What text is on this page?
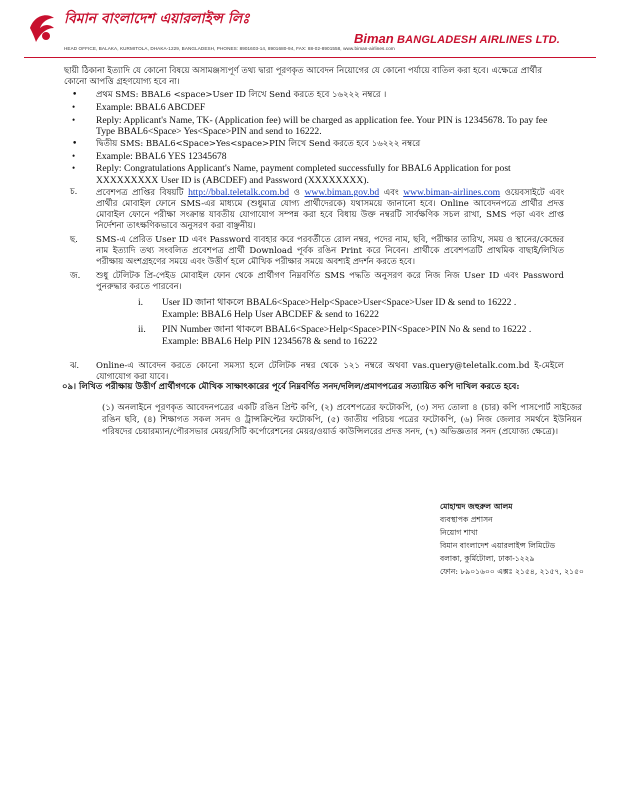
বিমান বাংলাদেশ এয়ারলাইন্স লিঃ
Biman BANGLADESH AIRLINES LTD.
HEAD OFFICE, BALAKA, KURMITOLA, DHAKA-1229, BANGLADESH, PHONES: 8901603-14, 8901680-94, FAX: 88-02-8901558, www.biman-airlines.com
ছায়ী ঠিকানা ইত্যাদি যে কোনো বিষয়ে অসামঞ্জস্যপূর্ণ তথ্য দ্বারা পূরণকৃত আবেদন নিয়োগের যে কোনো পর্যায়ে বাতিল করা হবে। এক্ষেত্রে প্রার্থীর কোনো আপত্তি গ্রহণযোগ্য হবে না।
• প্রথম SMS: BBAL6 <space>User ID লিখে Send করতে হবে ১৬২২২ নম্বরে ।
• Example: BBAL6 ABCDEF
• Reply: Applicant's Name, TK- (Application fee) will be charged as application fee. Your PIN is 12345678. To pay fee Type BBAL6<Space> Yes<Space>PIN and send to 16222.
• দ্বিতীয় SMS: BBAL6<Space>Yes<space>PIN লিখে Send করতে হবে ১৬২২২ নম্বরে
• Example: BBAL6 YES 12345678
• Reply: Congratulations Applicant's Name, payment completed successfully for BBAL6 Application for post XXXXXXXXX User ID is (ABCDEF) and Password (XXXXXXXX).
চ. প্রবেশপত্র প্রাপ্তির বিষয়টি http://bbal.teletalk.com.bd ও www.biman.gov.bd এবং www.biman-airlines.com ওয়েবসাইটে এবং প্রার্থীর মোবাইল ফোনে SMS-এর মাধ্যমে (শুধুমাত্র যোগ্য প্রার্থীদেরকে) যথাসময়ে জানানো হবে। Online আবেদনপত্রে প্রার্থীর প্রদত্ত মোবাইল ফোনে পরীক্ষা সংক্রান্ত যাবতীয় যোগাযোগ সম্পন্ন করা হবে বিধায় উক্ত নম্বরটি সার্বক্ষণিক সচল রাখা, SMS পড়া এবং প্রাপ্ত নির্দেশনা তাৎক্ষণিকভাবে অনুসরণ করা বাঞ্ছনীয়।
ছ. SMS-এ প্রেরিত User ID এবং Password ব্যবহার করে পরবর্তীতে রোল নম্বর, পদের নাম, ছবি, পরীক্ষার তারিখ, সময় ও স্থানের/কেন্দ্রের নাম ইত্যাদি তথ্য সংবলিত প্রবেশপত্র প্রার্থী Download পূর্বক রঙিন Print করে নিবেন। প্রার্থীকে প্রবেশপত্রটি প্রাথমিক বাছাই/লিখিত পরীক্ষায় অংশগ্রহণের সময়ে এবং উত্তীর্ণ হলে মৌখিক পরীক্ষার সময়ে অবশ্যই প্রদর্শন করতে হবে।
জ. শুধু টেলিটক প্রি-পেইড মোবাইল ফোন থেকে প্রার্থীগণ নিম্নবর্ণিত SMS পদ্ধতি অনুসরণ করে নিজ নিজ User ID এবং Password পুনরুদ্ধার করতে পারবেন।
i. User ID জানা থাকলে BBAL6<Space>Help<Space>User<Space>User ID & send to 16222 .
Example: BBAL6 Help User ABCDEF & send to 16222
ii. PIN Number জানা থাকলে BBAL6<Space>Help<Space>PIN<Space>PIN No & send to 16222 .
Example: BBAL6 Help PIN 12345678 & send to 16222
ঝ. Online-এ আবেদন করতে কোনো সমস্যা হলে টেলিটক নম্বর থেকে ১২১ নম্বরে অথবা vas.query@teletalk.com.bd ই-মেইলে যোগাযোগ করা যাবে।
০৯। লিখিত পরীক্ষায় উত্তীর্ণ প্রার্থীগণকে মৌখিক সাক্ষাৎকারের পূর্বে নিম্নবর্ণিত সনদ/দলিল/প্রমাণপত্রের সত্যায়িত কপি দাখিল করতে হবে:
(১) অনলাইনে পূরণকৃত আবেদনপত্রের একটি রঙিন প্রিন্ট কপি, (২) প্রবেশপত্রের ফটোকপি, (৩) সদ্য তোলা ৪ (চার) কপি পাসপোর্ট সাইজের রঙিন ছবি, (৪) শিক্ষাগত সকল সনদ ও ট্রান্সক্রিপ্টের ফটোকপি, (৫) জাতীয় পরিচয় পত্রের ফটোকপি, (৬) নিজ জেলার সমর্থনে ইউনিয়ন পরিষদের চেয়ারম্যান/পৌরসভার মেয়র/সিটি কর্পোরেশনের মেয়র/ওয়ার্ড কাউন্সিলরের প্রদত্ত সনদ, (৭) অভিজ্ঞতার সনদ (প্রযোজ্য ক্ষেত্রে)।
মোহাম্মদ জহুরুল আলম
ব্যবস্থাপক প্রশাসন
নিয়োগ শাখা
বিমান বাংলাদেশ এয়ারলাইন্স লিমিটেড
বলাকা, কুর্মিটোলা, ঢাকা-১২২৯
ফোন: ৮৯০১৬০০ এক্সঃ ২১৫৪, ২১৫৭, ২১৫০
